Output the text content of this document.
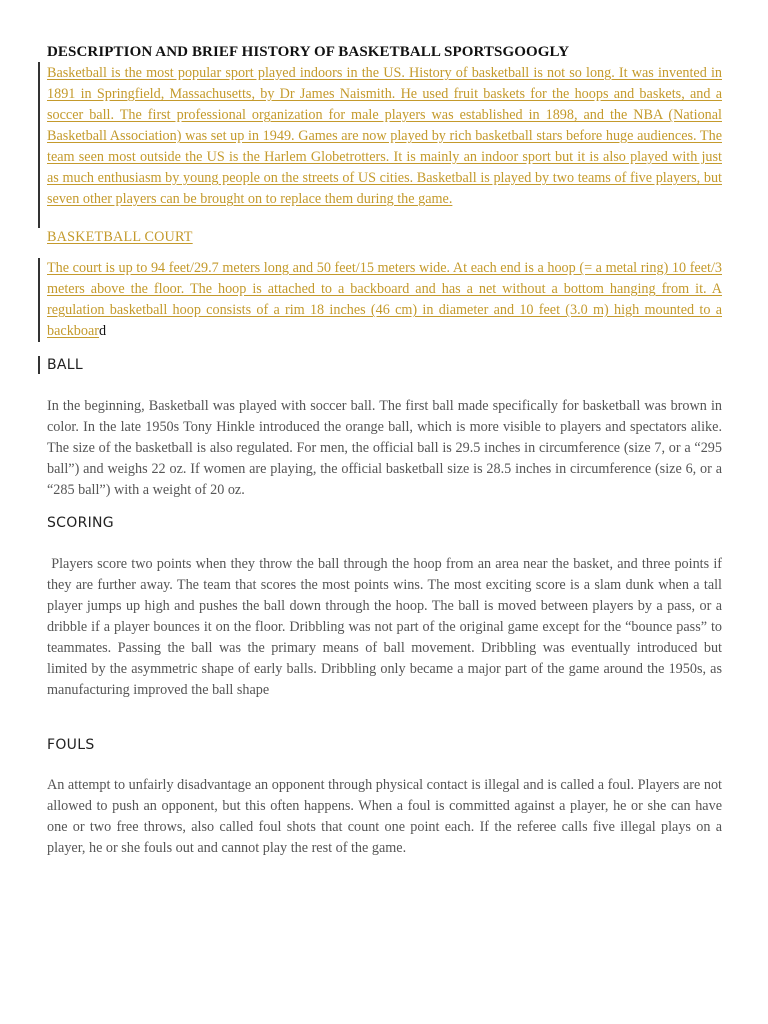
DESCRIPTION AND BRIEF HISTORY OF BASKETBALL SPORTSGOOGLY

Basketball is the most popular sport played indoors in the US. History of basketball is not so long. It was invented in 1891 in Springfield, Massachusetts, by Dr James Naismith. He used fruit baskets for the hoops and baskets, and a soccer ball. The first professional organization for male players was established in 1898, and the NBA (National Basketball Association) was set up in 1949. Games are now played by rich basketball stars before huge audiences. The team seen most outside the US is the Harlem Globetrotters. It is mainly an indoor sport but it is also played with just as much enthusiasm by young people on the streets of US cities. Basketball is played by two teams of five players, but seven other players can be brought on to replace them during the game.

BASKETBALL COURT

The court is up to 94 feet/29.7 meters long and 50 feet/15 meters wide. At each end is a hoop (= a metal ring) 10 feet/3 meters above the floor. The hoop is attached to a backboard and has a net without a bottom hanging from it. A regulation basketball hoop consists of a rim 18 inches (46 cm) in diameter and 10 feet (3.0 m) high mounted to a backboard

BALL

In the beginning, Basketball was played with soccer ball. The first ball made specifically for basketball was brown in color. In the late 1950s Tony Hinkle introduced the orange ball, which is more visible to players and spectators alike. The size of the basketball is also regulated. For men, the official ball is 29.5 inches in circumference (size 7, or a “295 ball”) and weighs 22 oz. If women are playing, the official basketball size is 28.5 inches in circumference (size 6, or a “285 ball”) with a weight of 20 oz.

SCORING

Players score two points when they throw the ball through the hoop from an area near the basket, and three points if they are further away. The team that scores the most points wins. The most exciting score is a slam dunk when a tall player jumps up high and pushes the ball down through the hoop. The ball is moved between players by a pass, or a dribble if a player bounces it on the floor. Dribbling was not part of the original game except for the “bounce pass” to teammates. Passing the ball was the primary means of ball movement. Dribbling was eventually introduced but limited by the asymmetric shape of early balls. Dribbling only became a major part of the game around the 1950s, as manufacturing improved the ball shape

FOULS

An attempt to unfairly disadvantage an opponent through physical contact is illegal and is called a foul. Players are not allowed to push an opponent, but this often happens. When a foul is committed against a player, he or she can have one or two free throws, also called foul shots that count one point each. If the referee calls five illegal plays on a player, he or she fouls out and cannot play the rest of the game.
